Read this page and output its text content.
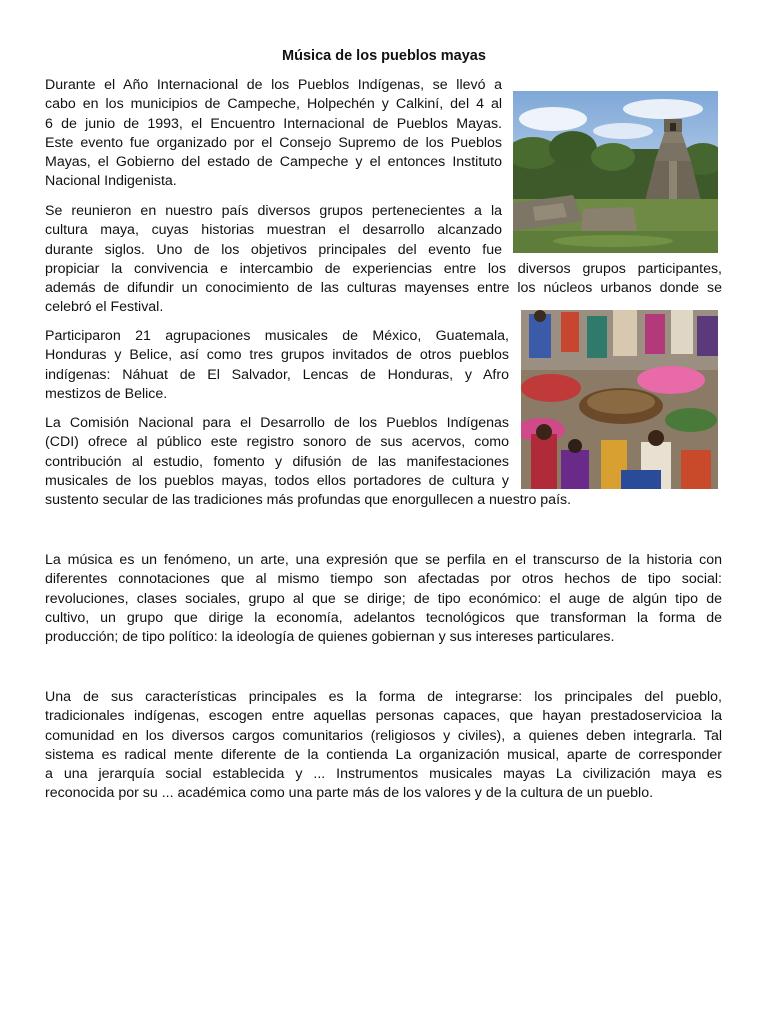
Música de los pueblos mayas
Durante el Año Internacional de los Pueblos Indígenas, se llevó a
cabo en los municipios de Campeche, Holpechén y Calkiní, del 4 al
6 de junio de 1993, el Encuentro Internacional de Pueblos Mayas.
Este evento fue organizado por el Consejo Supremo de los Pueblos
Mayas, el Gobierno del estado de Campeche y el entonces Instituto
Nacional Indigenista.
Se reunieron en nuestro país diversos grupos pertenecientes a la
cultura maya, cuyas historias muestran el desarrollo alcanzado
durante siglos. Uno de los objetivos principales del evento fue
propiciar la convivencia e intercambio de experiencias entre los diversos grupos participantes,
además de difundir un conocimiento de las culturas mayenses entre los núcleos urbanos donde se
celebró el Festival.
Participaron 21 agrupaciones musicales de México, Guatemala,
Honduras y Belice, así como tres grupos invitados de otros pueblos
indígenas: Náhuat de El Salvador, Lencas de Honduras, y Afro
mestizos de Belice.
La Comisión Nacional para el Desarrollo de los Pueblos Indígenas
(CDI) ofrece al público este registro sonoro de sus acervos, como
contribución al estudio, fomento y difusión de las manifestaciones
musicales de los pueblos mayas, todos ellos portadores de cultura y
sustento secular de las tradiciones más profundas que enorgullecen a nuestro país.
La música es un fenómeno, un arte, una expresión que se perfila en el transcurso de la historia con
diferentes connotaciones que al mismo tiempo son afectadas por otros hechos de tipo social:
revoluciones, clases sociales, grupo al que se dirige; de tipo económico: el auge de algún tipo de
cultivo, un grupo que dirige la economía, adelantos tecnológicos que transforman la forma de
producción; de tipo político: la ideología de quienes gobiernan y sus intereses particulares.
Una de sus características principales es la forma de integrarse: los principales del pueblo,
tradicionales indígenas, escogen entre aquellas personas capaces, que hayan prestadoservicioa la
comunidad en los diversos cargos comunitarios (religiosos y civiles), a quienes deben integrarla. Tal
sistema es radical mente diferente de la contienda La organización musical, aparte de corresponder
a una jerarquía social establecida y ... Instrumentos musicales mayas La civilización maya es
reconocida por su ... académica como una parte más de los valores y de la cultura de un pueblo.
